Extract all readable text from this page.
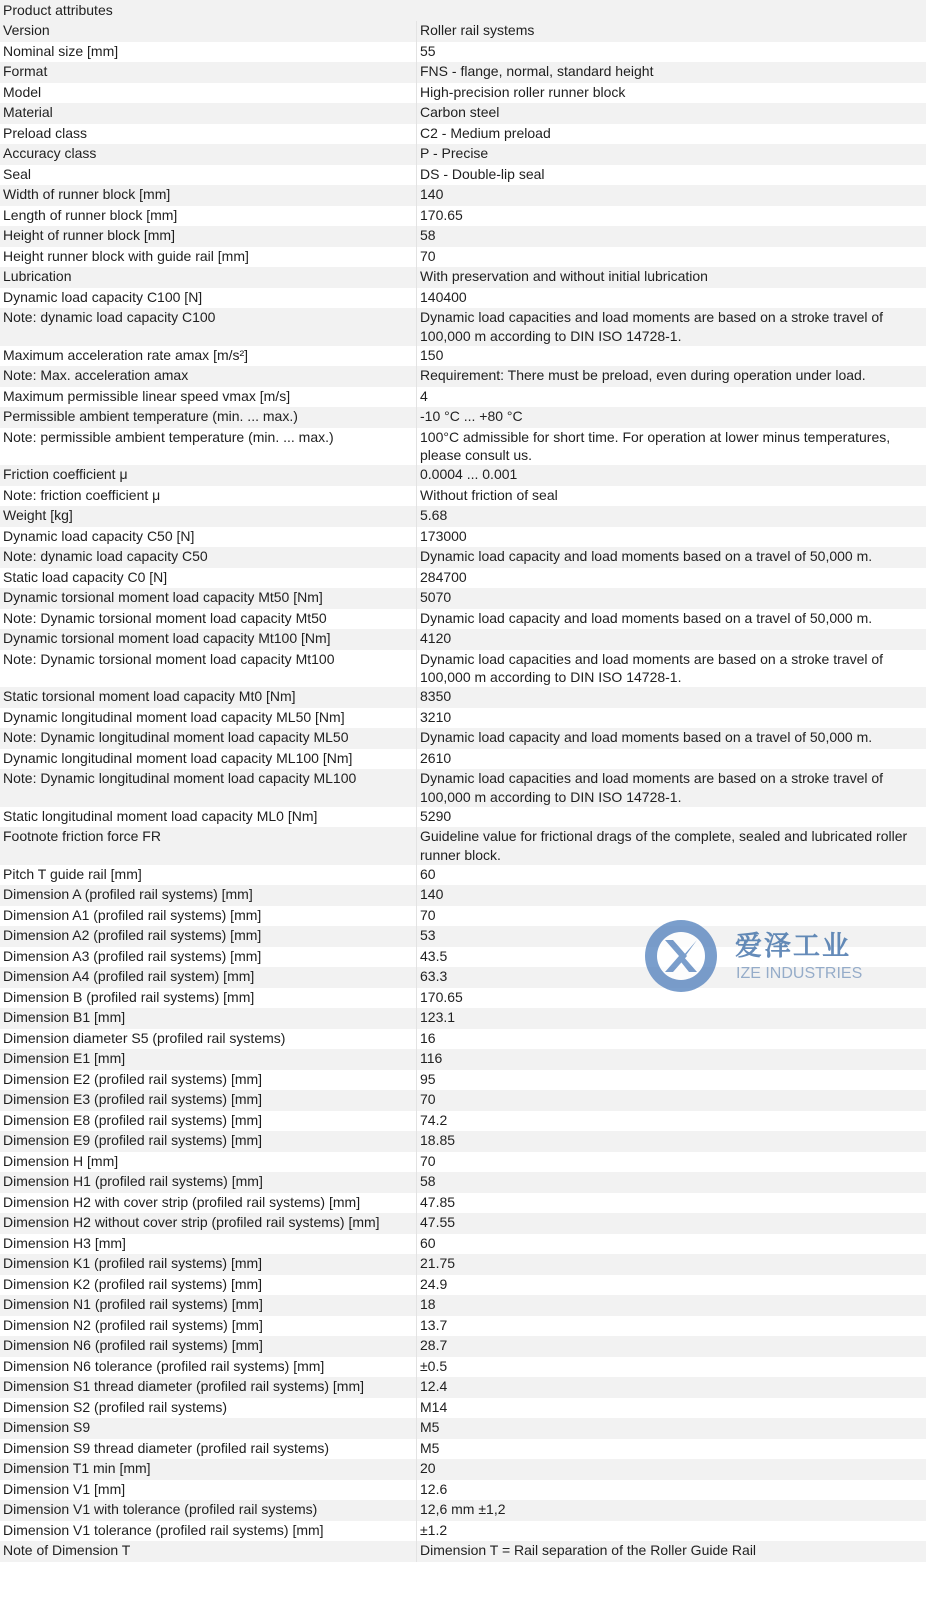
Product attributes
Version	Roller rail systems
Nominal size [mm]	55
Format	FNS - flange, normal, standard height
Model	High-precision roller runner block
Material	Carbon steel
Preload class	C2 - Medium preload
Accuracy class	P - Precise
Seal	DS - Double-lip seal
Width of runner block [mm]	140
Length of runner block [mm]	170.65
Height of runner block [mm]	58
Height runner block with guide rail [mm]	70
Lubrication	With preservation and without initial lubrication
Dynamic load capacity C100 [N]	140400
Note: dynamic load capacity C100	Dynamic load capacities and load moments are based on a stroke travel of 100,000 m according to DIN ISO 14728-1.
Maximum acceleration rate amax [m/s²]	150
Note: Max. acceleration amax	Requirement: There must be preload, even during operation under load.
Maximum permissible linear speed vmax [m/s]	4
Permissible ambient temperature (min. ... max.)	-10 °C ... +80 °C
Note: permissible ambient temperature (min. ... max.)	100°C admissible for short time. For operation at lower minus temperatures, please consult us.
Friction coefficient μ	0.0004 ... 0.001
Note: friction coefficient μ	Without friction of seal
Weight [kg]	5.68
Dynamic load capacity C50 [N]	173000
Note: dynamic load capacity C50	Dynamic load capacity and load moments based on a travel of 50,000 m.
Static load capacity C0 [N]	284700
Dynamic torsional moment load capacity Mt50 [Nm]	5070
Note: Dynamic torsional moment load capacity Mt50	Dynamic load capacity and load moments based on a travel of 50,000 m.
Dynamic torsional moment load capacity Mt100 [Nm]	4120
Note: Dynamic torsional moment load capacity Mt100	Dynamic load capacities and load moments are based on a stroke travel of 100,000 m according to DIN ISO 14728-1.
Static torsional moment load capacity Mt0 [Nm]	8350
Dynamic longitudinal moment load capacity ML50 [Nm]	3210
Note: Dynamic longitudinal moment load capacity ML50	Dynamic load capacity and load moments based on a travel of 50,000 m.
Dynamic longitudinal moment load capacity ML100 [Nm]	2610
Note: Dynamic longitudinal moment load capacity ML100	Dynamic load capacities and load moments are based on a stroke travel of 100,000 m according to DIN ISO 14728-1.
Static longitudinal moment load capacity ML0 [Nm]	5290
Footnote friction force FR	Guideline value for frictional drags of the complete, sealed and lubricated roller runner block.
Pitch T guide rail [mm]	60
Dimension A (profiled rail systems) [mm]	140
Dimension A1 (profiled rail systems) [mm]	70
Dimension A2 (profiled rail systems) [mm]	53
Dimension A3 (profiled rail systems) [mm]	43.5
Dimension A4 (profiled rail system) [mm]	63.3
Dimension B (profiled rail systems) [mm]	170.65
Dimension B1 [mm]	123.1
Dimension diameter S5 (profiled rail systems)	16
Dimension E1 [mm]	116
Dimension E2 (profiled rail systems) [mm]	95
Dimension E3 (profiled rail systems) [mm]	70
Dimension E8 (profiled rail systems) [mm]	74.2
Dimension E9 (profiled rail systems) [mm]	18.85
Dimension H [mm]	70
Dimension H1 (profiled rail systems) [mm]	58
Dimension H2 with cover strip (profiled rail systems) [mm]	47.85
Dimension H2 without cover strip (profiled rail systems) [mm]	47.55
Dimension H3 [mm]	60
Dimension K1 (profiled rail systems) [mm]	21.75
Dimension K2 (profiled rail systems) [mm]	24.9
Dimension N1 (profiled rail systems) [mm]	18
Dimension N2 (profiled rail systems) [mm]	13.7
Dimension N6 (profiled rail systems) [mm]	28.7
Dimension N6 tolerance (profiled rail systems) [mm]	±0.5
Dimension S1 thread diameter (profiled rail systems) [mm]	12.4
Dimension S2 (profiled rail systems)	M14
Dimension S9	M5
Dimension S9 thread diameter (profiled rail systems)	M5
Dimension T1 min [mm]	20
Dimension V1 [mm]	12.6
Dimension V1 with tolerance (profiled rail systems)	12,6 mm ±1,2
Dimension V1 tolerance (profiled rail systems) [mm]	±1.2
Note of Dimension T	Dimension T = Rail separation of the Roller Guide Rail
爱泽工业
IZE INDUSTRIES
